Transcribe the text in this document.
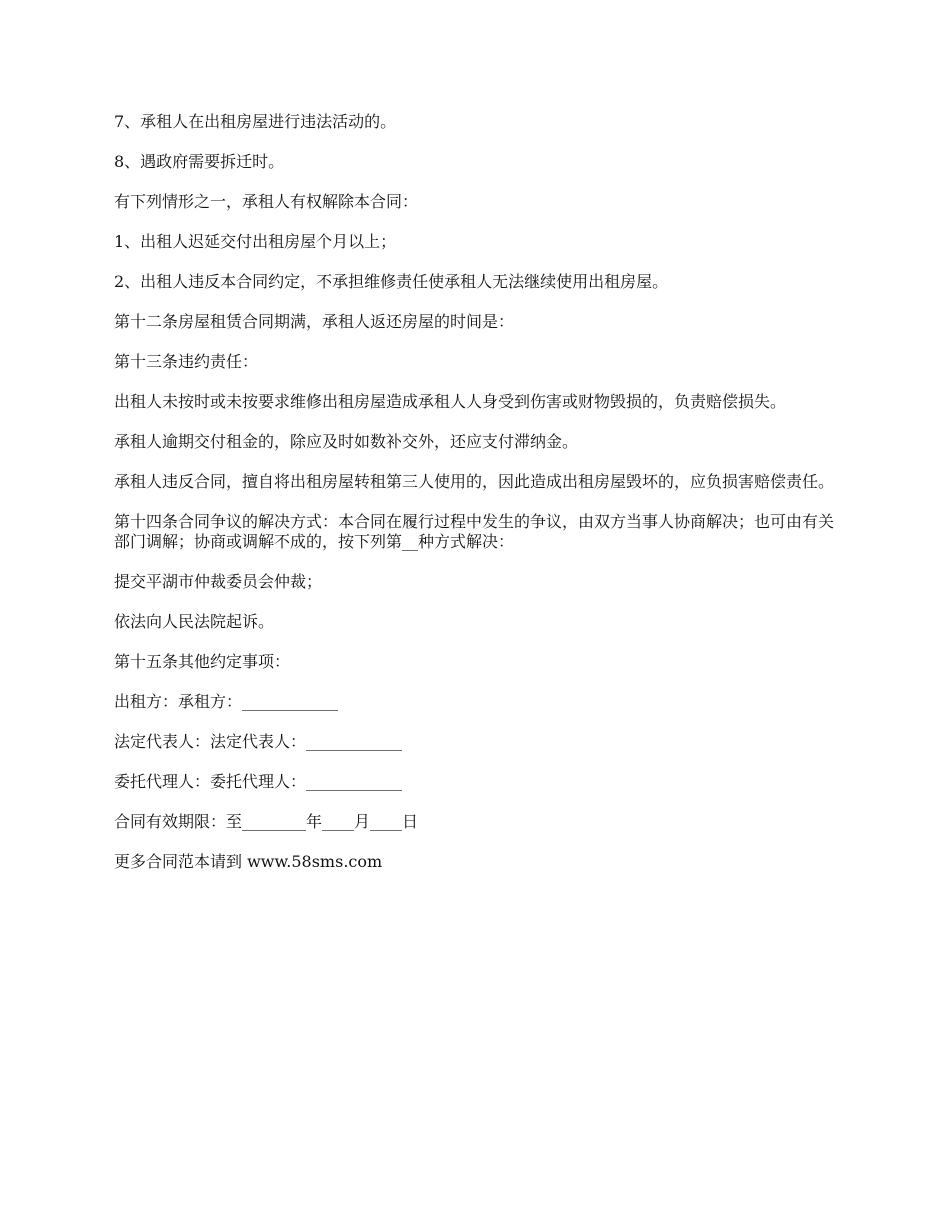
7、承租人在出租房屋进行违法活动的。

8、遇政府需要拆迁时。

有下列情形之一，承租人有权解除本合同：

1、出租人迟延交付出租房屋个月以上；

2、出租人违反本合同约定，不承担维修责任使承租人无法继续使用出租房屋。

第十二条房屋租赁合同期满，承租人返还房屋的时间是：

第十三条违约责任：

出租人未按时或未按要求维修出租房屋造成承租人人身受到伤害或财物毁损的，负责赔偿损失。

承租人逾期交付租金的，除应及时如数补交外，还应支付滞纳金。

承租人违反合同，擅自将出租房屋转租第三人使用的，因此造成出租房屋毁坏的，应负损害赔偿责任。

第十四条合同争议的解决方式：本合同在履行过程中发生的争议，由双方当事人协商解决；也可由有关部门调解；协商或调解不成的，按下列第__种方式解决：

提交平湖市仲裁委员会仲裁；

依法向人民法院起诉。

第十五条其他约定事项：

出租方：承租方：____________

法定代表人：法定代表人：____________

委托代理人：委托代理人：____________

合同有效期限：至________年____月____日

更多合同范本请到 www.58sms.com
